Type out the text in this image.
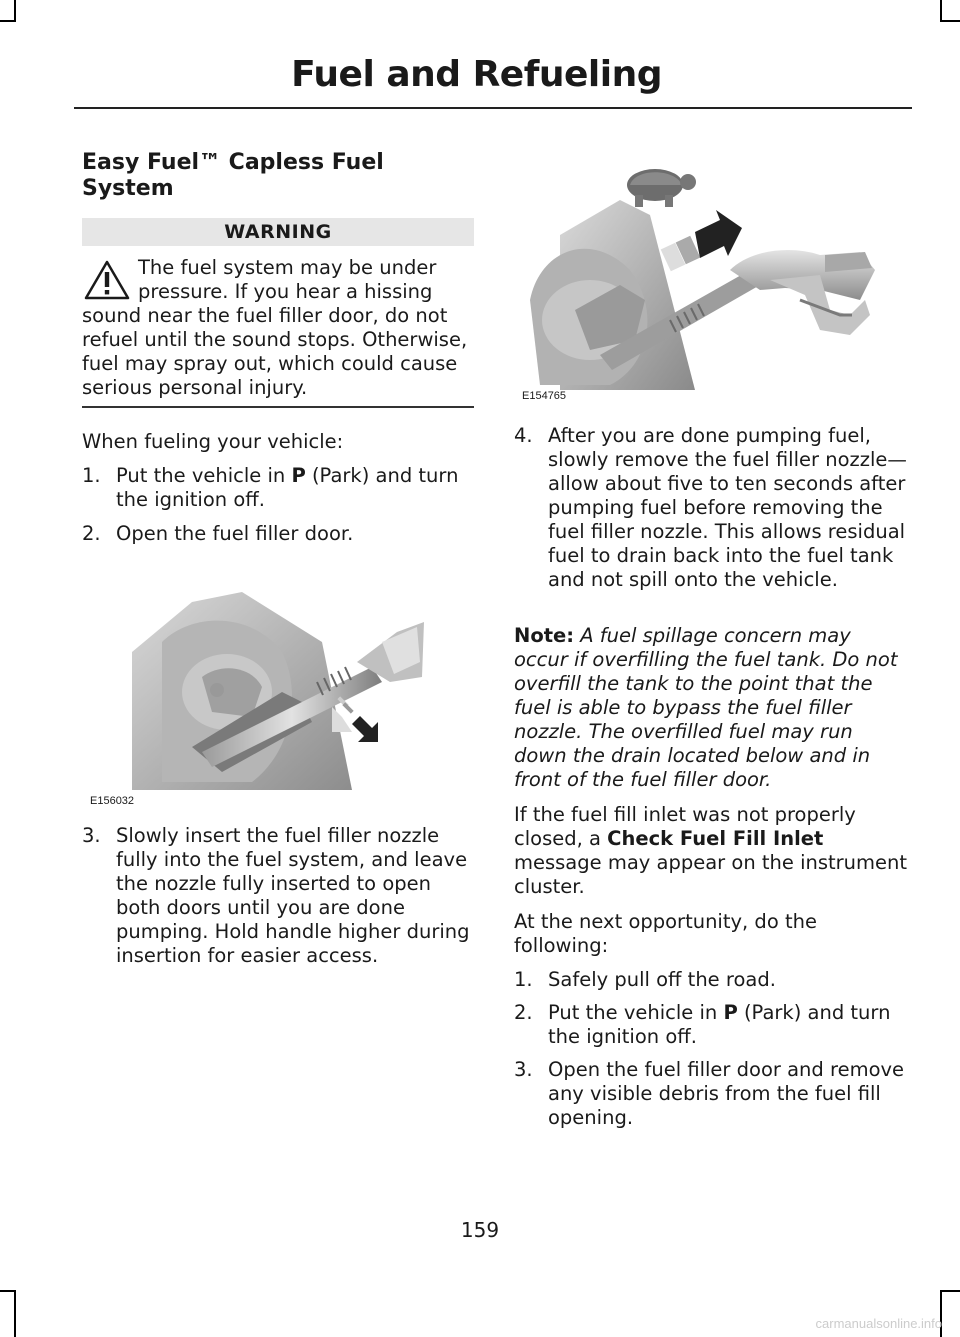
Fuel and Refueling
Easy Fuel™ Capless Fuel System
WARNING
The fuel system may be under
pressure. If you hear a hissing
sound near the fuel filler door, do not refuel until the sound stops. Otherwise, fuel may spray out, which could cause serious personal injury.

When fueling your vehicle:

1. Put the vehicle in P (Park) and turn the ignition off.
2. Open the fuel filler door.
E156032
3. Slowly insert the fuel filler nozzle fully into the fuel system, and leave the nozzle fully inserted to open both doors until you are done pumping. Hold handle higher during insertion for easier access.
E154765
4. After you are done pumping fuel, slowly remove the fuel filler nozzle—allow about five to ten seconds after pumping fuel before removing the fuel filler nozzle. This allows residual fuel to drain back into the fuel tank and not spill onto the vehicle.

Note: A fuel spillage concern may occur if overfilling the fuel tank. Do not overfill the tank to the point that the fuel is able to bypass the fuel filler nozzle. The overfilled fuel may run down the drain located below and in front of the fuel filler door.

If the fuel fill inlet was not properly closed, a Check Fuel Fill Inlet message may appear on the instrument cluster.

At the next opportunity, do the following:

1. Safely pull off the road.
2. Put the vehicle in P (Park) and turn the ignition off.
3. Open the fuel filler door and remove any visible debris from the fuel fill opening.
159
carmanualsonline.info
